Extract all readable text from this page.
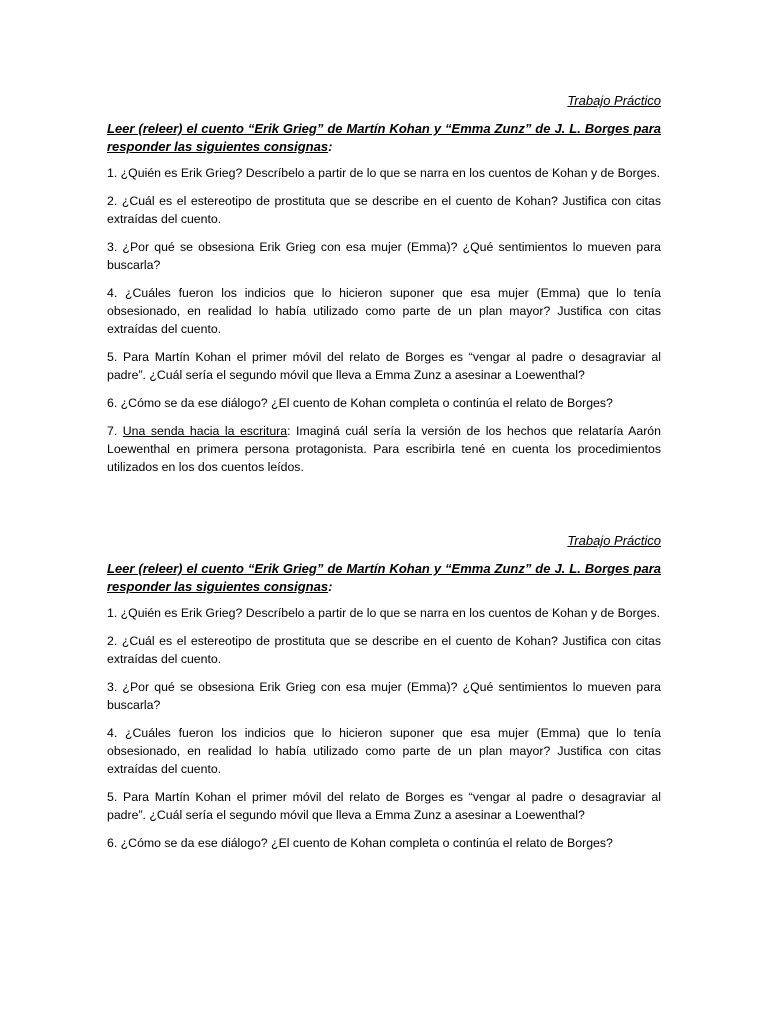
Trabajo Práctico
Leer (releer) el cuento “Erik Grieg” de Martín Kohan y “Emma Zunz” de J. L. Borges para responder las siguientes consignas:

1. ¿Quién es Erik Grieg? Descríbelo a partir de lo que se narra en los cuentos de Kohan y de Borges.

2. ¿Cuál es el estereotipo de prostituta que se describe en el cuento de Kohan? Justifica con citas extraídas del cuento.

3. ¿Por qué se obsesiona Erik Grieg con esa mujer (Emma)? ¿Qué sentimientos lo mueven para buscarla?

4. ¿Cuáles fueron los indicios que lo hicieron suponer que esa mujer (Emma) que lo tenía obsesionado, en realidad lo había utilizado como parte de un plan mayor? Justifica con citas extraídas del cuento.

5. Para Martín Kohan el primer móvil del relato de Borges es “vengar al padre o desagraviar al padre”. ¿Cuál sería el segundo móvil que lleva a Emma Zunz a asesinar a Loewenthal?

6. ¿Cómo se da ese diálogo? ¿El cuento de Kohan completa o continúa el relato de Borges?

7. Una senda hacia la escritura: Imaginá cuál sería la versión de los hechos que relataría Aarón Loewenthal en primera persona protagonista. Para escribirla tené en cuenta los procedimientos utilizados en los dos cuentos leídos.

Trabajo Práctico
Leer (releer) el cuento “Erik Grieg” de Martín Kohan y “Emma Zunz” de J. L. Borges para responder las siguientes consignas:

1. ¿Quién es Erik Grieg? Descríbelo a partir de lo que se narra en los cuentos de Kohan y de Borges.

2. ¿Cuál es el estereotipo de prostituta que se describe en el cuento de Kohan? Justifica con citas extraídas del cuento.

3. ¿Por qué se obsesiona Erik Grieg con esa mujer (Emma)? ¿Qué sentimientos lo mueven para buscarla?

4. ¿Cuáles fueron los indicios que lo hicieron suponer que esa mujer (Emma) que lo tenía obsesionado, en realidad lo había utilizado como parte de un plan mayor? Justifica con citas extraídas del cuento.

5. Para Martín Kohan el primer móvil del relato de Borges es “vengar al padre o desagraviar al padre”. ¿Cuál sería el segundo móvil que lleva a Emma Zunz a asesinar a Loewenthal?

6. ¿Cómo se da ese diálogo? ¿El cuento de Kohan completa o continúa el relato de Borges?
